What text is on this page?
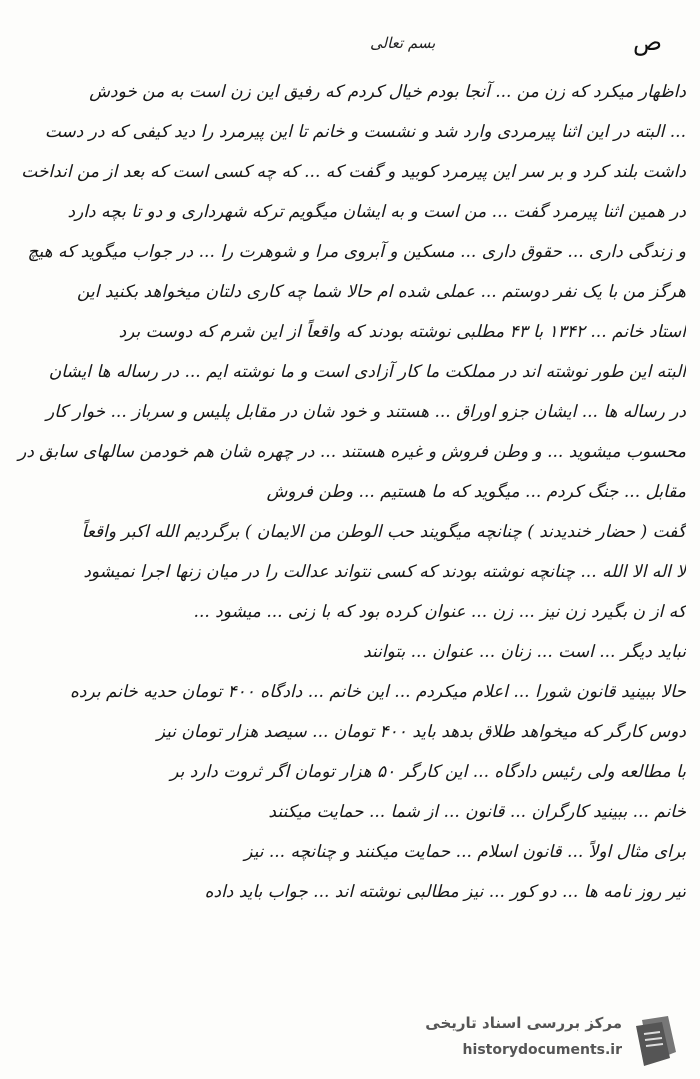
بسم تعالی	ص
داظهار میکرد که زن من ... آنجا بودم خیال کردم که رفیق این زن است به من خودش
... البته در این اثنا پیرمردی وارد شد و نشست و خانم تا این پیرمرد را دید کیفی که در دست
داشت بلند کرد و بر سر این پیرمرد کوبید و گفت که ... که چه کسی است که بعد از من انداخت
در همین اثنا پیرمرد گفت ... من است و به ایشان میگویم ترکه شهرداری و دو تا بچه دارد
و زندگی داری ... حقوق داری ... مسکین و آبروی مرا و شوهرت را ... در جواب میگوید که هیچ
هرگز من با یک نفر دوستم ... عملی شده ام حالا شما چه کاری دلتان میخواهد بکنید این
استاد خانم ... ۱۳۴۲ با ۴۳ مطلبی نوشته بودند که واقعاً از این شرم که دوست برد
البته این طور نوشته اند در مملکت ما کار آزادی است و ما نوشته ایم ... در رساله ها ایشان
در رساله ها ... ایشان جزو اوراق ... هستند و خود شان در مقابل پلیس و سرباز ... خوار کار
محسوب میشوید ... و وطن فروش و غیره هستند ... در چهره شان هم خودمن سالهای سابق در
مقابل ... جنگ کردم ... میگوید که ما هستیم ... وطن فروش
گفت ( حضار خندیدند ) چنانچه میگویند حب الوطن من الایمان ) برگردیم الله اکبر واقعاً
لا اله الا الله ... چنانچه نوشته بودند که کسی نتواند عدالت را در میان زنها اجرا نمیشود
که از ن بگیرد زن نیز ... زن ... عنوان کرده بود که با زنی ... میشود ...
نباید دیگر ... است ... زنان ... عنوان ... بتوانند
حالا ببینید قانون شورا ... اعلام میکردم ... این خانم ... دادگاه ۴۰۰ تومان حدیه خانم برده
دوس کارگر که میخواهد طلاق بدهد باید ۴۰۰ تومان ... سیصد هزار تومان نیز
با مطالعه ولی رئیس دادگاه ... این کارگر ۵۰ هزار تومان اگر ثروت دارد بر
خانم ... ببینید کارگران ... قانون ... از شما ... حمایت میکنند
برای مثال اولاً ... قانون اسلام ... حمایت میکنند و چنانچه ... نیز
تیر روز نامه ها ... دو کور ... نیز مطالبی نوشته اند ... جواب باید داده
مرکز بررسی اسناد تاریخی
historydocuments.ir
